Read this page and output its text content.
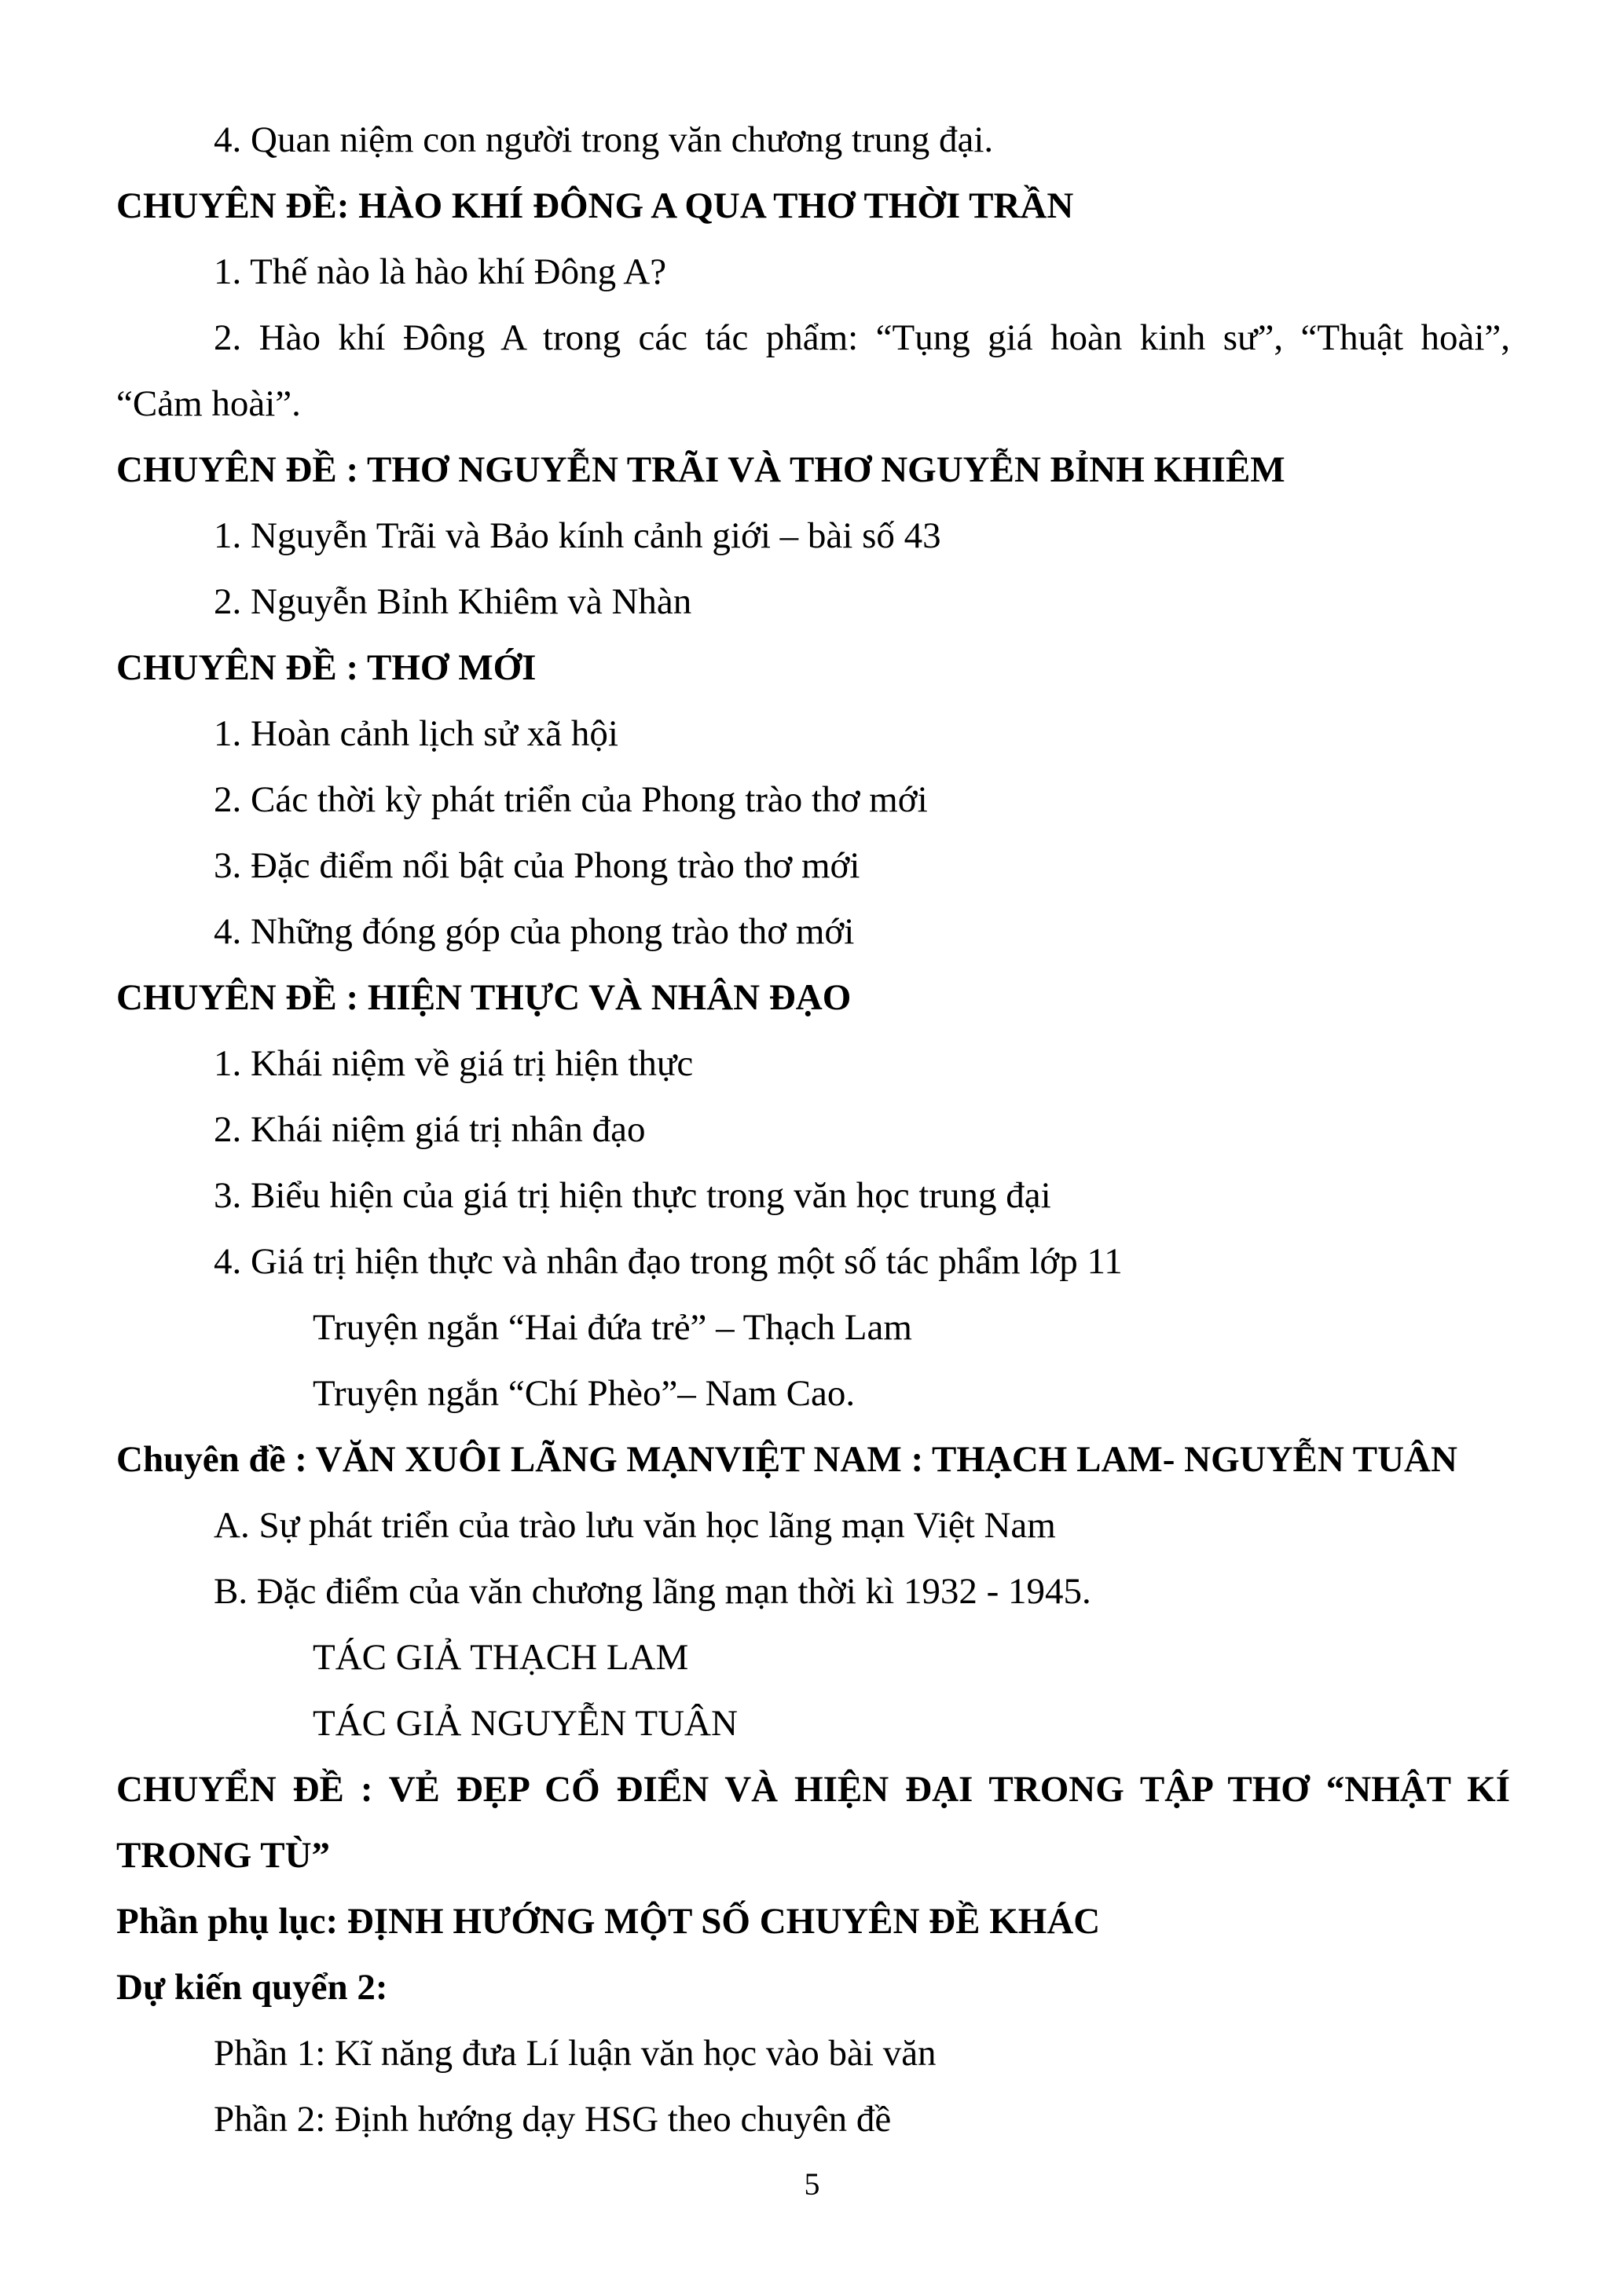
4. Quan niệm con người trong văn chương trung đại.
CHUYÊN ĐỀ: HÀO KHÍ ĐÔNG A QUA THƠ THỜI TRẦN
1. Thế nào là hào khí Đông A?
2. Hào khí Đông A trong các tác phẩm: “Tụng giá hoàn kinh sư”, “Thuật hoài”,
“Cảm hoài”.
CHUYÊN ĐỀ : THƠ NGUYỄN TRÃI VÀ THƠ NGUYỄN BỈNH KHIÊM
1. Nguyễn Trãi và Bảo kính cảnh giới – bài số 43
2. Nguyễn Bỉnh Khiêm và Nhàn
CHUYÊN ĐỀ : THƠ MỚI
1. Hoàn cảnh lịch sử xã hội
2. Các thời kỳ phát triển của Phong trào thơ mới
3. Đặc điểm nổi bật của Phong trào thơ mới
4. Những đóng góp của phong trào thơ mới
CHUYÊN ĐỀ : HIỆN THỰC VÀ NHÂN ĐẠO
1. Khái niệm về giá trị hiện thực
2. Khái niệm giá trị nhân đạo
3. Biểu hiện của giá trị hiện thực trong văn học trung đại
4. Giá trị hiện thực và nhân đạo trong một số tác phẩm lớp 11
Truyện ngắn “Hai đứa trẻ” – Thạch Lam
Truyện ngắn “Chí Phèo”– Nam Cao.
Chuyên đề : VĂN XUÔI LÃNG MẠNVIỆT NAM : THẠCH LAM- NGUYỄN TUÂN
A. Sự phát triển của trào lưu văn học lãng mạn Việt Nam
B. Đặc điểm của văn chương lãng mạn thời kì 1932 - 1945.
TÁC GIẢ THẠCH LAM
TÁC GIẢ NGUYỄN TUÂN
CHUYỂN ĐỀ : VẺ ĐẸP CỔ ĐIỂN VÀ HIỆN ĐẠI TRONG TẬP THƠ “NHẬT KÍ
TRONG TÙ”
Phần phụ lục: ĐỊNH HƯỚNG MỘT SỐ CHUYÊN ĐỀ KHÁC
Dự kiến quyển 2:
Phần 1: Kĩ năng đưa Lí luận văn học vào bài văn
Phần 2: Định hướng dạy HSG theo chuyên đề
5
